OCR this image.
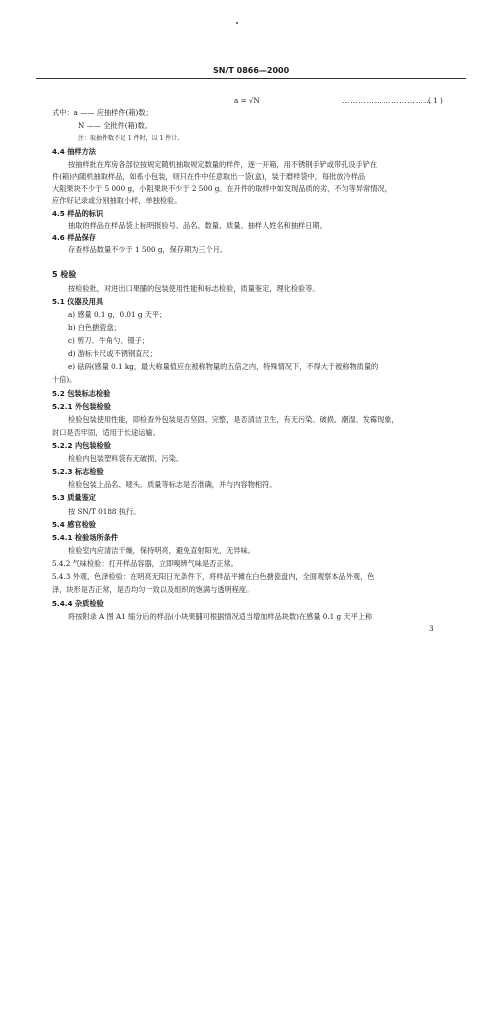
SN/T 0866—2000
a = √N	……………………………
( 1 )
式中：a —— 应抽样件(箱)数；
N —— 全批件(箱)数。
注：取抽件数不足 1 件时，以 1 件计。
4.4 抽样方法
按抽样批在库房各部位按规定随机抽取规定数量的样件，逐一开箱，用不锈钢手铲或带孔设手铲在
件(箱)内随机抽取样品，如系小包装，则只在件中任意取出一袋(盒)，装于磨样袋中，每批放冷样品
大阻果块不少于 5 000 g，小阻果块不少于 2 500 g。在开件的取样中如发现品质的劣，不匀等异常情况，
应作好记录或分别抽取小样，单独检验。
4.5 样品的标识
抽取的样品在样品袋上标明报验号、品名、数量、质量、抽样人姓名和抽样日期。
4.6 样品保存
存查样品数量不少于 1 500 g，保存期为三个月。
5 检验
按检验批，对进出口果脯的包装使用性能和标志检验，质量鉴定，理化检验等。
5.1 仪器及用具
a) 感量 0.1 g，0.01 g 天平；
b) 白色搪瓷盘；
c) 剪刀、牛角勺、镊子；
d) 游标卡尺或不锈钢直尺；
e) 砝码(感量 0.1 kg，最大称量值应在被称物量的五倍之内，特殊情况下，不得大于被称物质量的
十倍)。
5.2 包装标志检验
5.2.1 外包装检验
检验包装使用性能，即检查外包装是否坚固、完整，是否清洁卫生，有无污染、破损、潮湿、发霉现象，
封口是否牢固，适用于长途运输。
5.2.2 内包装检验
检验内包装塑料袋有无破损、污染。
5.2.3 标志检验
检验包装上品名、唛头、质量等标志是否准确，并与内容物相符。
5.3 质量鉴定
按 SN/T 0188 执行。
5.4 感官检验
5.4.1 检验场所条件
检验室内应清洁干燥，保持明亮，避免直射阳光，无异味。
5.4.2 气味检验：打开样品容器，立即嗅辨气味是否正常。
5.4.3 外观、色泽检验：在明亮无阳日光条件下，将样品平摊在白色搪瓷盘内，全面观察本品外观，色
泽，块形是否正常，是否均匀一致以及组织的饱满与透明程度。
5.4.4 杂质检验
将按附录 A 图 A1 缩分后的样品(小块果脯可根据情况适当增加样品块数)在感量 0.1 g 天平上称
3
